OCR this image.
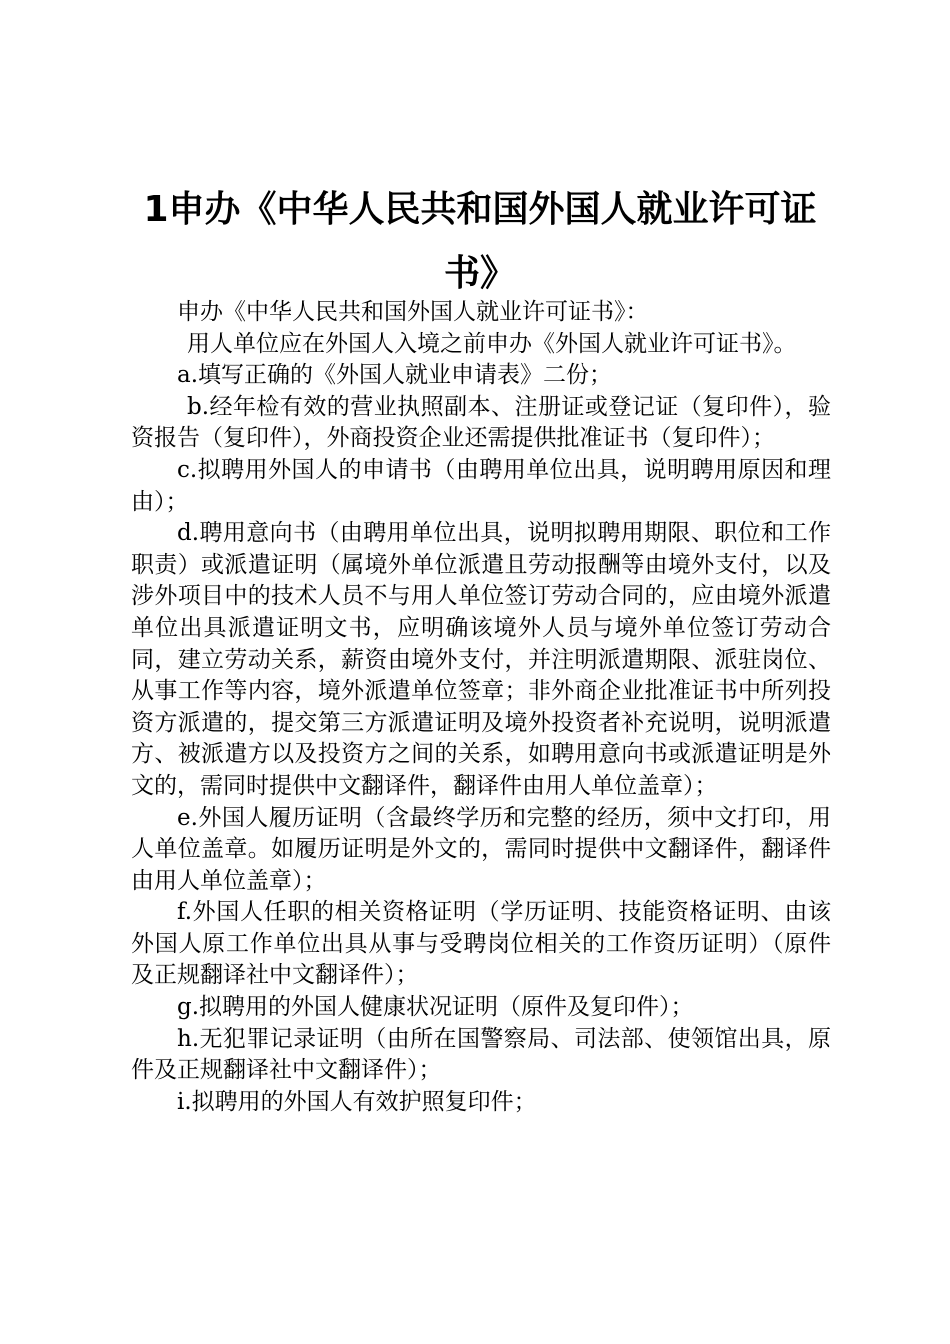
1申办《中华人民共和国外国人就业许可证书》

申办《中华人民共和国外国人就业许可证书》：

用人单位应在外国人入境之前申办《外国人就业许可证书》。

a.填写正确的《外国人就业申请表》二份；

b.经年检有效的营业执照副本、注册证或登记证（复印件），验资报告（复印件），外商投资企业还需提供批准证书（复印件）；

c.拟聘用外国人的申请书（由聘用单位出具，说明聘用原因和理由）；

d.聘用意向书（由聘用单位出具，说明拟聘用期限、职位和工作职责）或派遣证明（属境外单位派遣且劳动报酬等由境外支付，以及涉外项目中的技术人员不与用人单位签订劳动合同的，应由境外派遣单位出具派遣证明文书，应明确该境外人员与境外单位签订劳动合同，建立劳动关系，薪资由境外支付，并注明派遣期限、派驻岗位、从事工作等内容，境外派遣单位签章；非外商企业批准证书中所列投资方派遣的，提交第三方派遣证明及境外投资者补充说明，说明派遣方、被派遣方以及投资方之间的关系，如聘用意向书或派遣证明是外文的，需同时提供中文翻译件，翻译件由用人单位盖章）；

e.外国人履历证明（含最终学历和完整的经历，须中文打印，用人单位盖章。如履历证明是外文的，需同时提供中文翻译件，翻译件由用人单位盖章）；

f.外国人任职的相关资格证明（学历证明、技能资格证明、由该外国人原工作单位出具从事与受聘岗位相关的工作资历证明）（原件及正规翻译社中文翻译件）；

g.拟聘用的外国人健康状况证明（原件及复印件）；

h.无犯罪记录证明（由所在国警察局、司法部、使领馆出具，原件及正规翻译社中文翻译件）；

i.拟聘用的外国人有效护照复印件；
